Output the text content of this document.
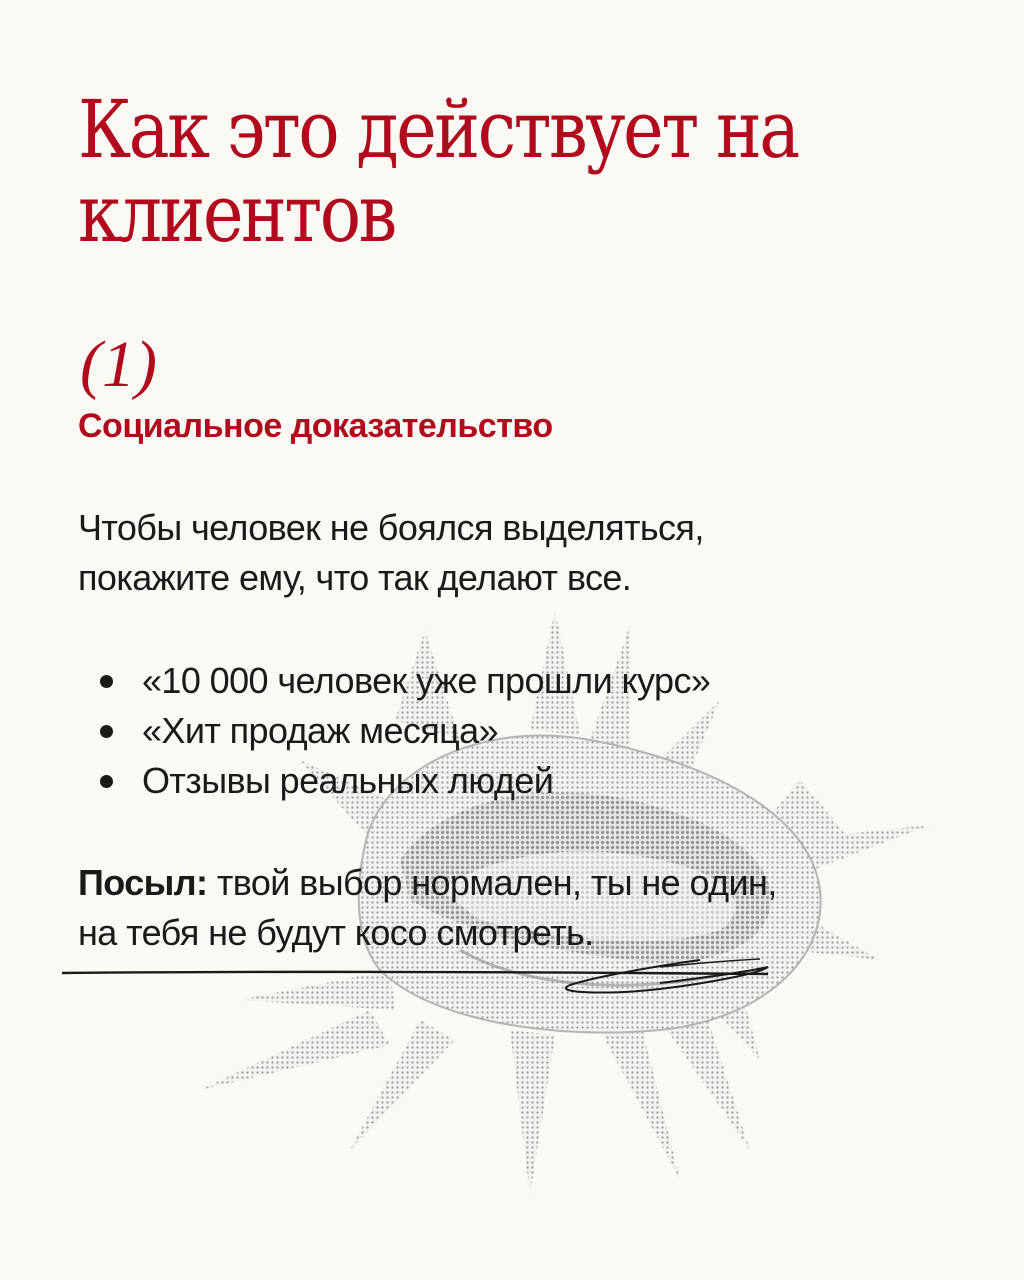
Как это действует на
клиентов
(1)
Социальное доказательство

Чтобы человек не боялся выделяться,
покажите ему, что так делают все.

«10 000 человек уже прошли курс»
«Хит продаж месяца»
Отзывы реальных людей

Посыл: твой выбор нормален, ты не один,
на тебя не будут косо смотреть.
